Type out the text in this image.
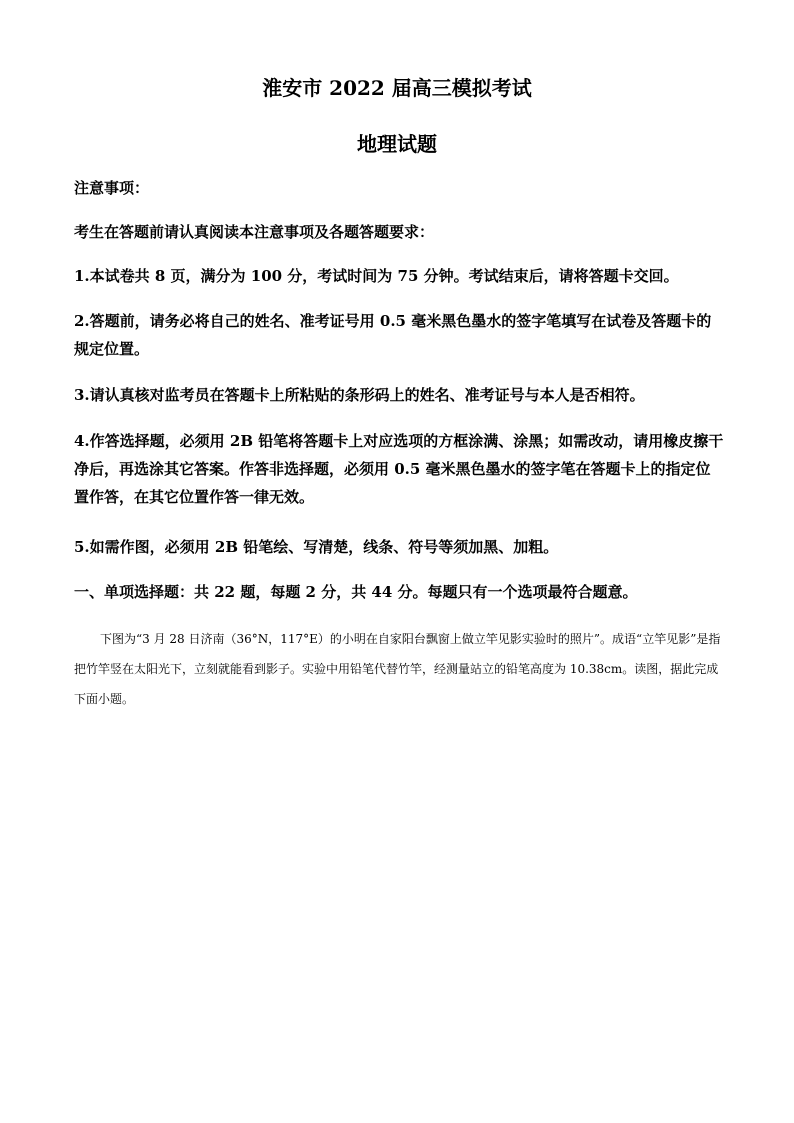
淮安市 2022 届高三模拟考试
地理试题

注意事项：

考生在答题前请认真阅读本注意事项及各题答题要求：

1.本试卷共 8 页，满分为 100 分，考试时间为 75 分钟。考试结束后，请将答题卡交回。

2.答题前，请务必将自己的姓名、准考证号用 0.5 毫米黑色墨水的签字笔填写在试卷及答题卡的规定位置。

3.请认真核对监考员在答题卡上所粘贴的条形码上的姓名、准考证号与本人是否相符。

4.作答选择题，必须用 2B 铅笔将答题卡上对应选项的方框涂满、涂黑；如需改动，请用橡皮擦干净后，再选涂其它答案。作答非选择题，必须用 0.5 毫米黑色墨水的签字笔在答题卡上的指定位置作答，在其它位置作答一律无效。

5.如需作图，必须用 2B 铅笔绘、写清楚，线条、符号等须加黑、加粗。

一、单项选择题：共 22 题，每题 2 分，共 44 分。每题只有一个选项最符合题意。

下图为“3 月 28 日济南（36°N，117°E）的小明在自家阳台飘窗上做立竿见影实验时的照片”。成语“立竿见影”是指把竹竿竖在太阳光下，立刻就能看到影子。实验中用铅笔代替竹竿，经测量站立的铅笔高度为 10.38cm。读图，据此完成下面小题。
